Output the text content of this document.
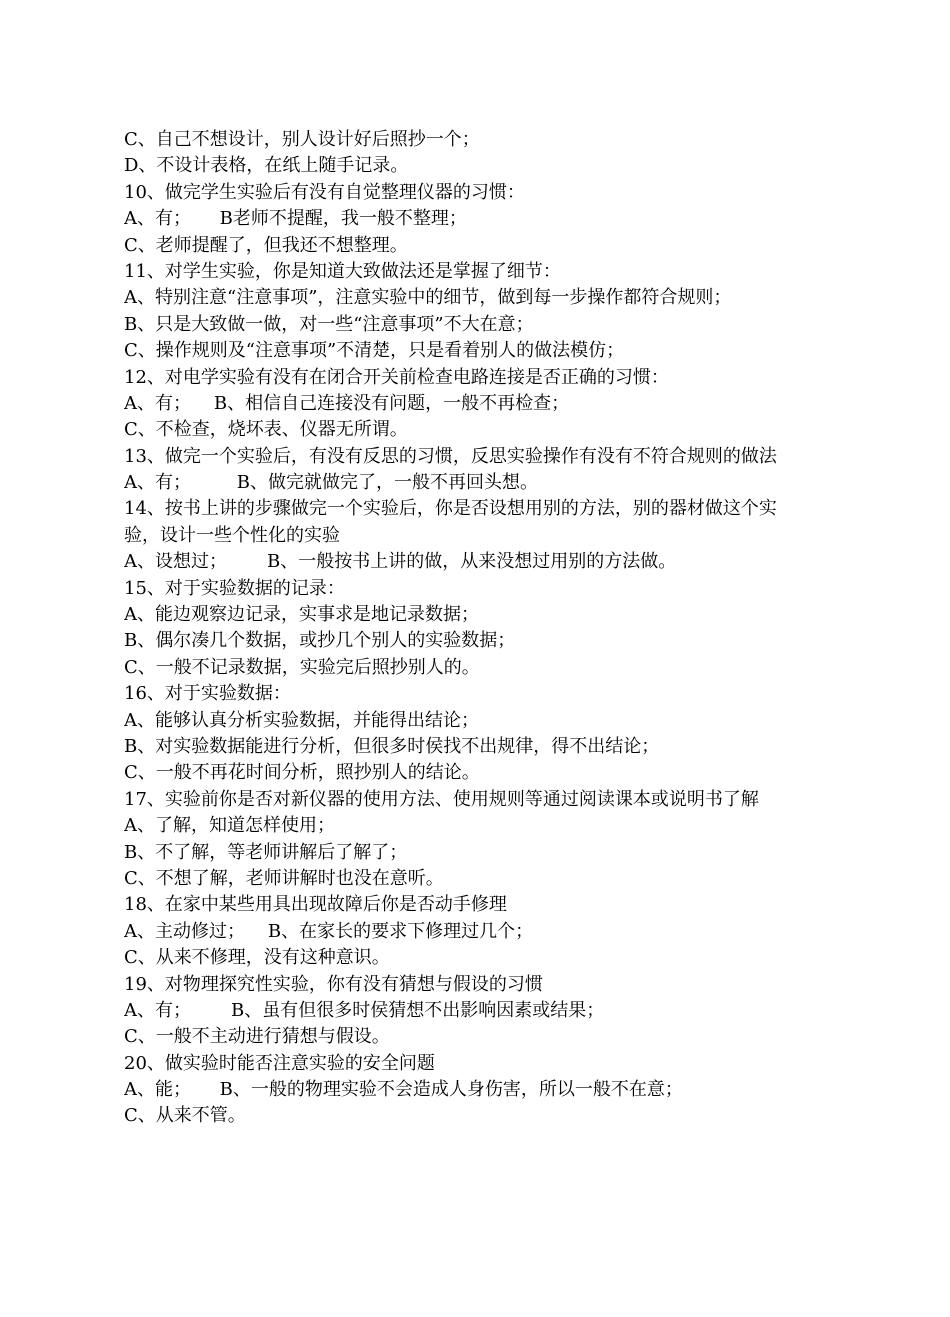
C、自己不想设计，别人设计好后照抄一个；
D、不设计表格，在纸上随手记录。
10、做完学生实验后有没有自觉整理仪器的习惯：
A、有；     B老师不提醒，我一般不整理；
C、老师提醒了，但我还不想整理。
11、对学生实验，你是知道大致做法还是掌握了细节：
A、特别注意“注意事项”，注意实验中的细节，做到每一步操作都符合规则；
B、只是大致做一做，对一些“注意事项”不大在意；
C、操作规则及“注意事项”不清楚，只是看着别人的做法模仿；
12、对电学实验有没有在闭合开关前检查电路连接是否正确的习惯：
A、有；    B、相信自己连接没有问题，一般不再检查；
C、不检查，烧坏表、仪器无所谓。
13、做完一个实验后，有没有反思的习惯，反思实验操作有没有不符合规则的做法
A、有；        B、做完就做完了，一般不再回头想。
14、按书上讲的步骤做完一个实验后，你是否设想用别的方法，别的器材做这个实
验，设计一些个性化的实验
A、设想过；       B、一般按书上讲的做，从来没想过用别的方法做。
15、对于实验数据的记录：
A、能边观察边记录，实事求是地记录数据；
B、偶尔凑几个数据，或抄几个别人的实验数据；
C、一般不记录数据，实验完后照抄别人的。
16、对于实验数据：
A、能够认真分析实验数据，并能得出结论；
B、对实验数据能进行分析，但很多时侯找不出规律，得不出结论；
C、一般不再花时间分析，照抄别人的结论。
17、实验前你是否对新仪器的使用方法、使用规则等通过阅读课本或说明书了解
A、了解，知道怎样使用；
B、不了解，等老师讲解后了解了；
C、不想了解，老师讲解时也没在意听。
18、在家中某些用具出现故障后你是否动手修理
A、主动修过；    B、在家长的要求下修理过几个；
C、从来不修理，没有这种意识。
19、对物理探究性实验，你有没有猜想与假设的习惯
A、有；       B、虽有但很多时侯猜想不出影响因素或结果；
C、一般不主动进行猜想与假设。
20、做实验时能否注意实验的安全问题
A、能；     B、一般的物理实验不会造成人身伤害，所以一般不在意；
C、从来不管。
